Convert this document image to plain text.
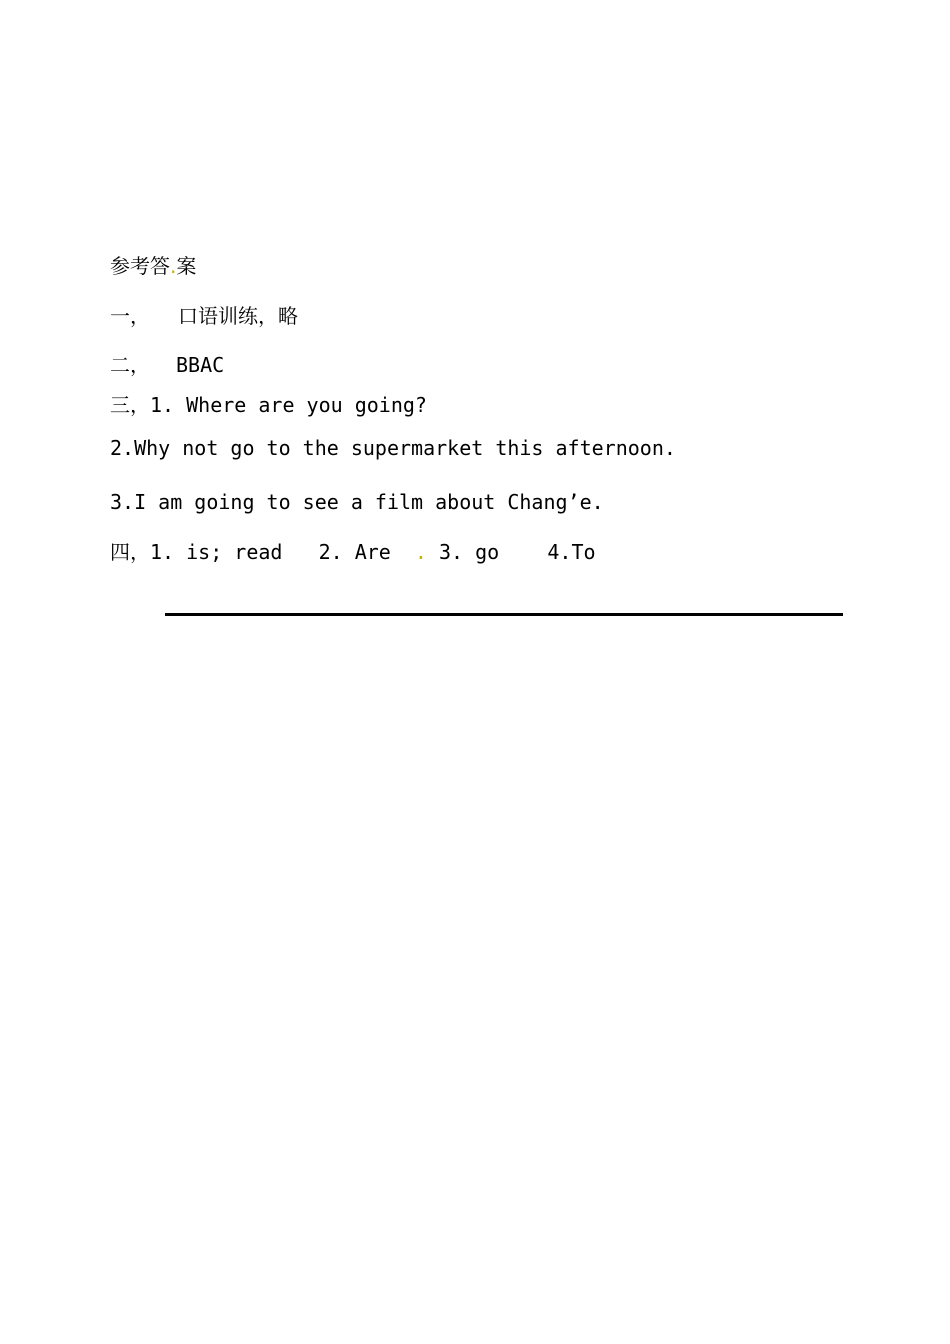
参考答.案

一， 口语训练，略

二， BBAC

三，1. Where are you going?

2.Why not go to the supermarket this afternoon.

3.I am going to see a film about Chang’e.

四，1. is; read   2. Are  . 3. go    4.To
